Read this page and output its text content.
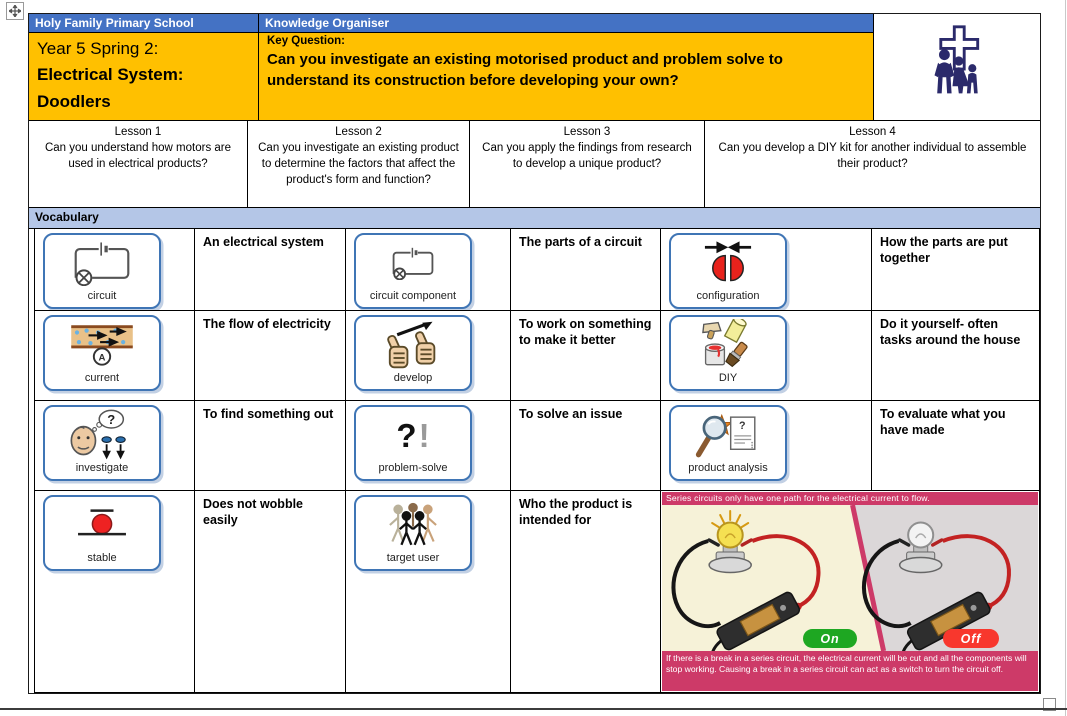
Holy Family Primary School	Knowledge Organiser
Year 5 Spring 2:
Electrical System:
Doodlers
Key Question:
Can you investigate an existing motorised product and problem solve to understand its construction before developing your own?
Lesson 1
Can you understand how motors are used in electrical products?
Lesson 2
Can you investigate an existing product to determine the factors that affect the product's form and function?
Lesson 3
Can you apply the findings from research to develop a unique product?
Lesson 4
Can you develop a DIY kit for another individual to assemble their product?
Vocabulary
circuit
An electrical system
circuit component
The parts of a circuit
configuration
How the parts are put together
A
current
The flow of electricity
develop
To work on something to make it better
DIY
Do it yourself- often tasks around the house
?
investigate
To find something out
? !
problem-solve
To solve an issue
?
product analysis
To evaluate what you have made
stable
Does not wobble easily
target user
Who the product is intended for
Series circuits only have one path for the electrical current to flow.
On	Off
If there is a break in a series circuit, the electrical current will be cut and all the components will stop working. Causing a break in a series circuit can act as a switch to turn the circuit off.
